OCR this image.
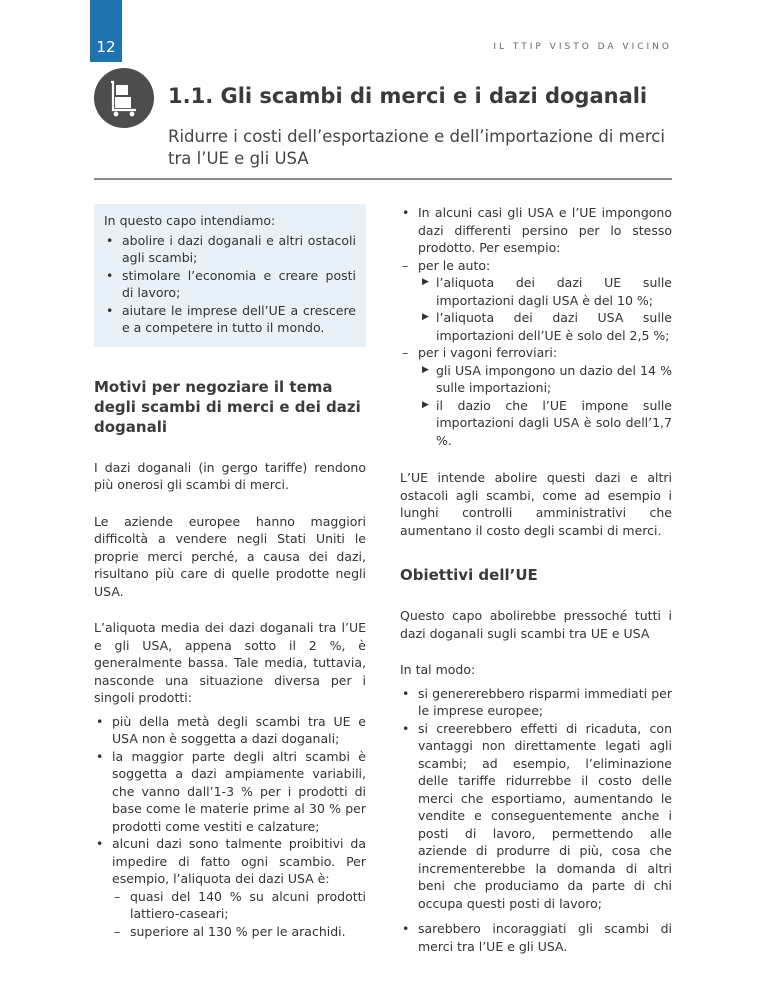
12	IL TTIP VISTO DA VICINO
1.1. Gli scambi di merci e i dazi doganali
Ridurre i costi dell’esportazione e dell’importazione di merci tra l’UE e gli USA
In questo capo intendiamo:
• abolire i dazi doganali e altri ostacoli agli scambi;
• stimolare l’economia e creare posti di lavoro;
• aiutare le imprese dell’UE a crescere e a competere in tutto il mondo.
Motivi per negoziare il tema degli scambi di merci e dei dazi doganali

I dazi doganali (in gergo tariffe) rendono più onerosi gli scambi di merci.

Le aziende europee hanno maggiori difficoltà a vendere negli Stati Uniti le proprie merci perché, a causa dei dazi, risultano più care di quelle prodotte negli USA.

L’aliquota media dei dazi doganali tra l’UE e gli USA, appena sotto il 2 %, è generalmente bassa. Tale media, tuttavia, nasconde una situazione diversa per i singoli prodotti:

• più della metà degli scambi tra UE e USA non è soggetta a dazi doganali;
• la maggior parte degli altri scambi è soggetta a dazi ampiamente variabili, che vanno dall’1-3 % per i prodotti di base come le materie prime al 30 % per prodotti come vestiti e calzature;
• alcuni dazi sono talmente proibitivi da impedire di fatto ogni scambio. Per esempio, l’aliquota dei dazi USA è:
– quasi del 140 % su alcuni prodotti lattiero-caseari;
– superiore al 130 % per le arachidi.
• In alcuni casi gli USA e l’UE impongono dazi differenti persino per lo stesso prodotto. Per esempio:
– per le auto:
▶ l’aliquota dei dazi UE sulle importazioni dagli USA è del 10 %;
▶ l’aliquota dei dazi USA sulle importazioni dell’UE è solo del 2,5 %;
– per i vagoni ferroviari:
▶ gli USA impongono un dazio del 14 % sulle importazioni;
▶ il dazio che l’UE impone sulle importazioni dagli USA è solo dell’1,7 %.

L’UE intende abolire questi dazi e altri ostacoli agli scambi, come ad esempio i lunghi controlli amministrativi che aumentano il costo degli scambi di merci.

Obiettivi dell’UE

Questo capo abolirebbe pressoché tutti i dazi doganali sugli scambi tra UE e USA

In tal modo:

• si genererebbero risparmi immediati per le imprese europee;
• si creerebbero effetti di ricaduta, con vantaggi non direttamente legati agli scambi; ad esempio, l’eliminazione delle tariffe ridurrebbe il costo delle merci che esportiamo, aumentando le vendite e conseguentemente anche i posti di lavoro, permettendo alle aziende di produrre di più, cosa che incrementerebbe la domanda di altri beni che produciamo da parte di chi occupa questi posti di lavoro;
• sarebbero incoraggiati gli scambi di merci tra l’UE e gli USA.
